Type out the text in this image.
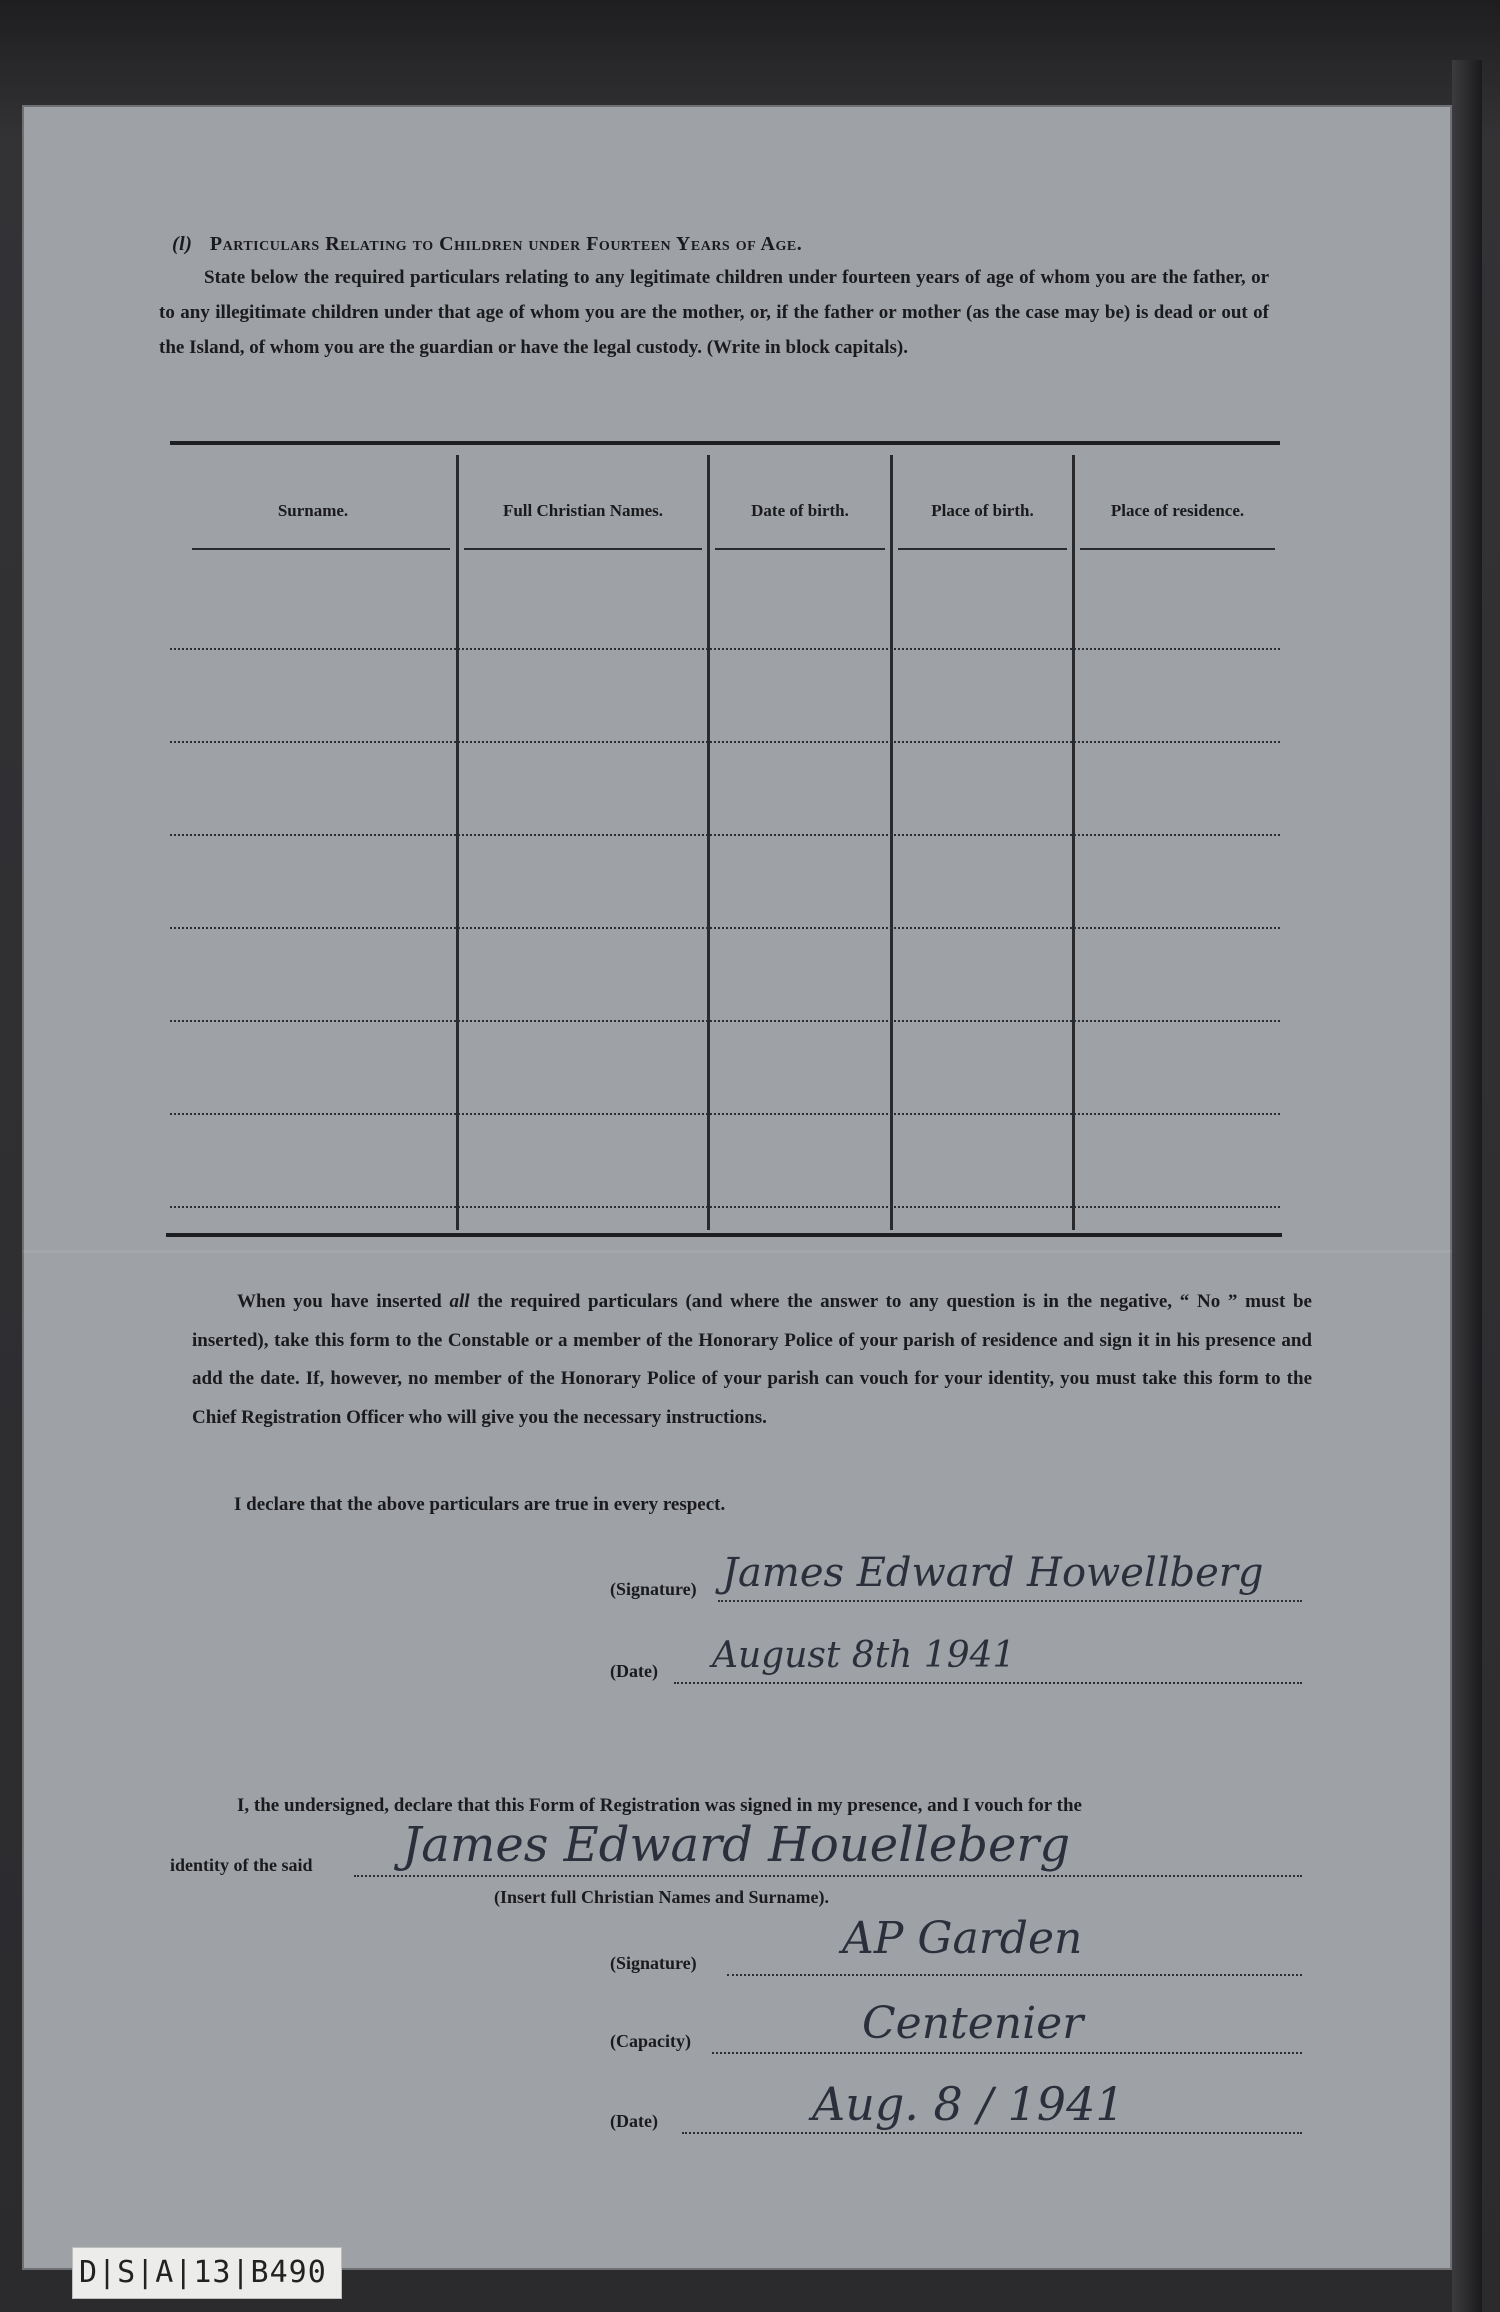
(l) Particulars Relating to Children under Fourteen Years of Age.
State below the required particulars relating to any legitimate children under fourteen years of age of whom you are the father, or to any illegitimate children under that age of whom you are the mother, or, if the father or mother (as the case may be) is dead or out of the Island, of whom you are the guardian or have the legal custody. (Write in block capitals).
Surname.	Full Christian Names.	Date of birth.	Place of birth.	Place of residence.
When you have inserted all the required particulars (and where the answer to any question is in the negative, “ No ” must be inserted), take this form to the Constable or a member of the Honorary Police of your parish of residence and sign it in his presence and add the date. If, however, no member of the Honorary Police of your parish can vouch for your identity, you must take this form to the Chief Registration Officer who will give you the necessary instructions.
I declare that the above particulars are true in every respect.
(Signature) James Edward Howellberg
(Date) August 8th 1941
I, the undersigned, declare that this Form of Registration was signed in my presence, and I vouch for the
identity of the said James Edward Houelleberg
(Insert full Christian Names and Surname).
(Signature)	AP Garden
(Capacity)	Centenier
(Date)	Aug. 8 / 1941
D|S|A|13|B490
